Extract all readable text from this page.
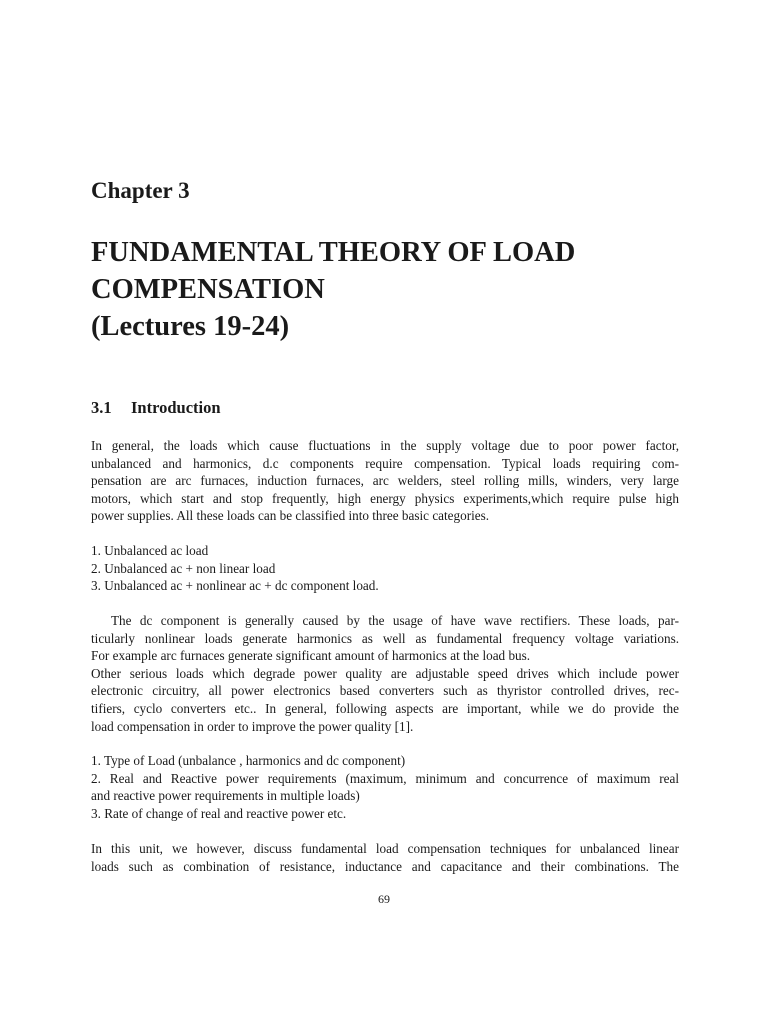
Chapter 3
FUNDAMENTAL THEORY OF LOAD
COMPENSATION
(Lectures 19-24)
3.1 Introduction
In general, the loads which cause fluctuations in the supply voltage due to poor power factor,
unbalanced and harmonics, d.c components require compensation. Typical loads requiring com-
pensation are arc furnaces, induction furnaces, arc welders, steel rolling mills, winders, very large
motors, which start and stop frequently, high energy physics experiments,which require pulse high
power supplies. All these loads can be classified into three basic categories.
1. Unbalanced ac load
2. Unbalanced ac + non linear load
3. Unbalanced ac + nonlinear ac + dc component load.
The dc component is generally caused by the usage of have wave rectifiers. These loads, par-
ticularly nonlinear loads generate harmonics as well as fundamental frequency voltage variations.
For example arc furnaces generate significant amount of harmonics at the load bus.
Other serious loads which degrade power quality are adjustable speed drives which include power
electronic circuitry, all power electronics based converters such as thyristor controlled drives, rec-
tifiers, cyclo converters etc.. In general, following aspects are important, while we do provide the
load compensation in order to improve the power quality [1].
1. Type of Load (unbalance , harmonics and dc component)
2. Real and Reactive power requirements (maximum, minimum and concurrence of maximum real
and reactive power requirements in multiple loads)
3. Rate of change of real and reactive power etc.
In this unit, we however, discuss fundamental load compensation techniques for unbalanced linear
loads such as combination of resistance, inductance and capacitance and their combinations. The
69
